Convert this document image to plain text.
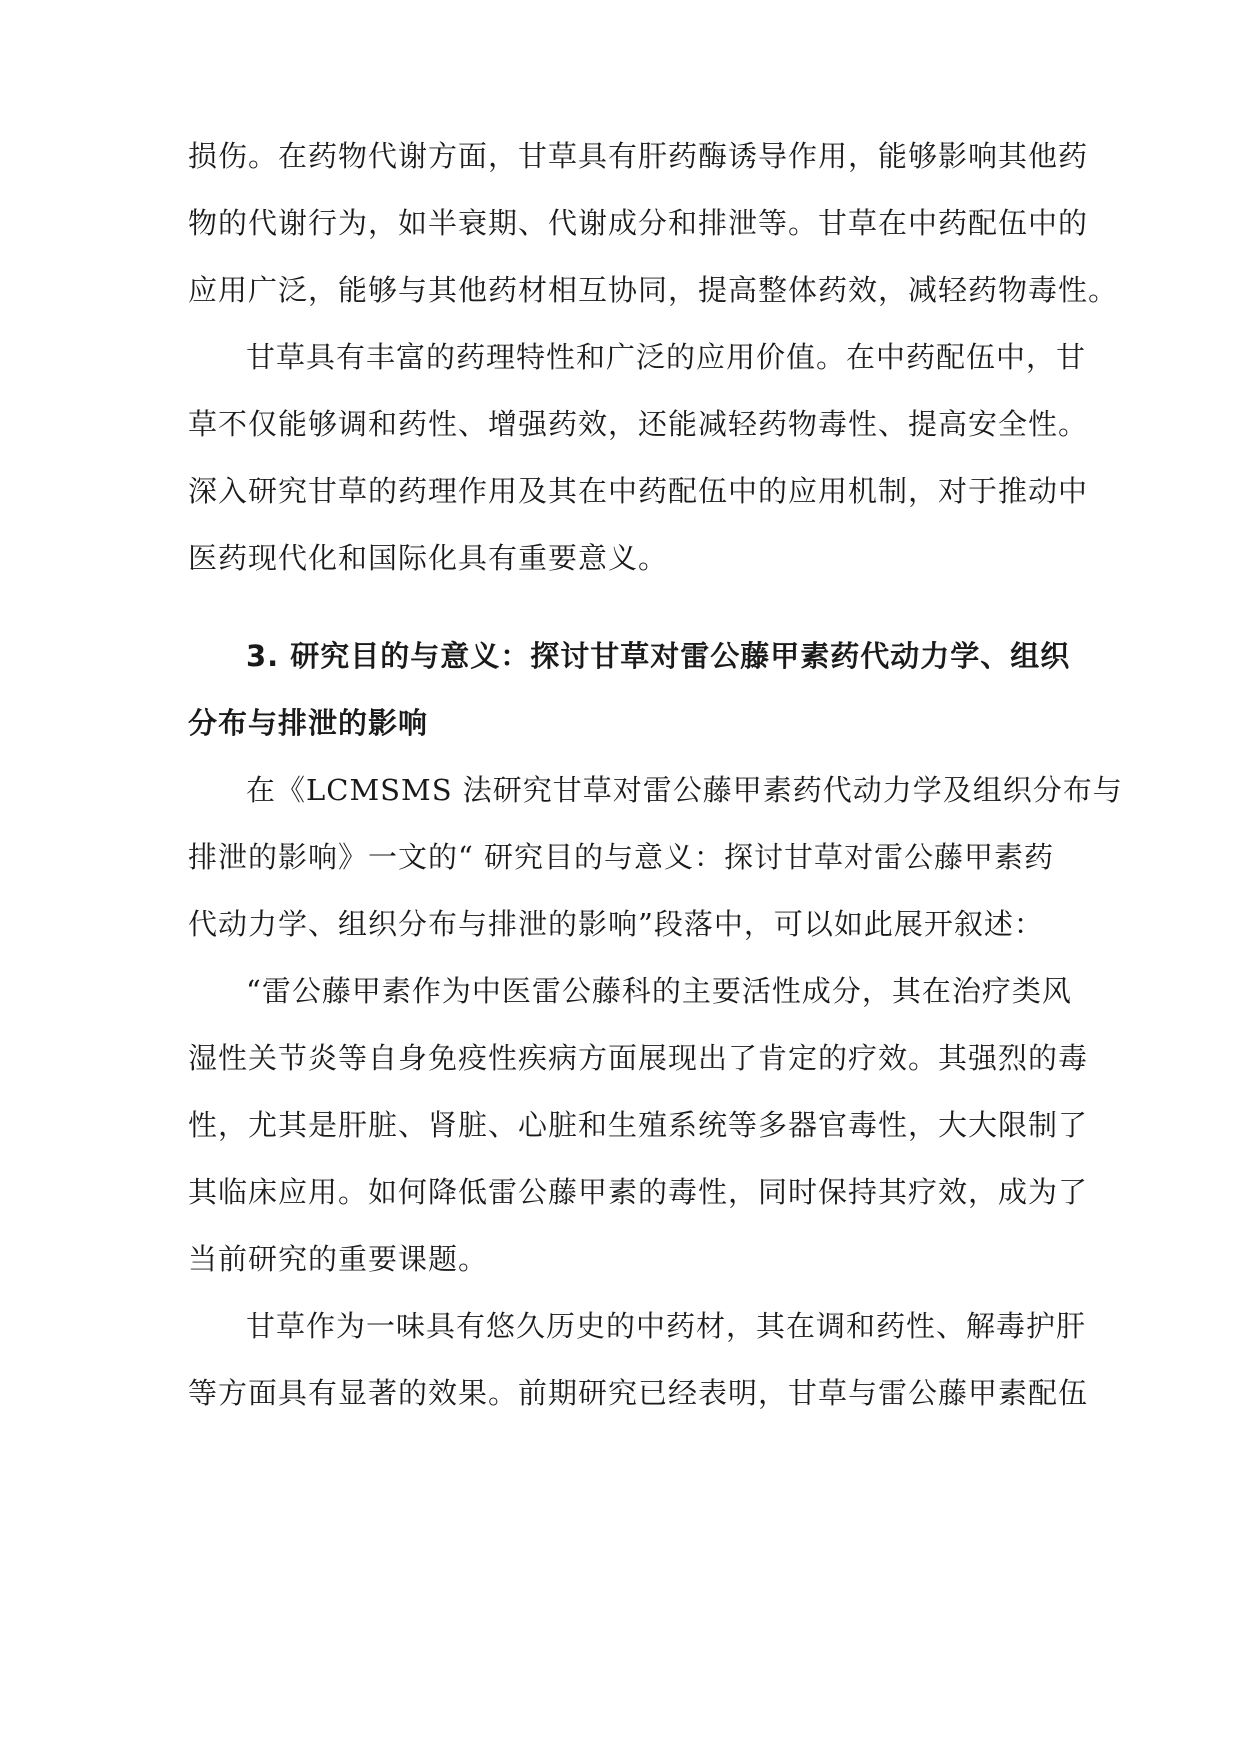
损伤。在药物代谢方面，甘草具有肝药酶诱导作用，能够影响其他药
物的代谢行为，如半衰期、代谢成分和排泄等。甘草在中药配伍中的
应用广泛，能够与其他药材相互协同，提高整体药效，减轻药物毒性。
甘草具有丰富的药理特性和广泛的应用价值。在中药配伍中，甘
草不仅能够调和药性、增强药效，还能减轻药物毒性、提高安全性。
深入研究甘草的药理作用及其在中药配伍中的应用机制，对于推动中
医药现代化和国际化具有重要意义。
3. 研究目的与意义：探讨甘草对雷公藤甲素药代动力学、组织
分布与排泄的影响
在《LCMSMS 法研究甘草对雷公藤甲素药代动力学及组织分布与
排泄的影响》一文的“ 研究目的与意义：探讨甘草对雷公藤甲素药
代动力学、组织分布与排泄的影响”段落中，可以如此展开叙述：
“雷公藤甲素作为中医雷公藤科的主要活性成分，其在治疗类风
湿性关节炎等自身免疫性疾病方面展现出了肯定的疗效。其强烈的毒
性，尤其是肝脏、肾脏、心脏和生殖系统等多器官毒性，大大限制了
其临床应用。如何降低雷公藤甲素的毒性，同时保持其疗效，成为了
当前研究的重要课题。
甘草作为一味具有悠久历史的中药材，其在调和药性、解毒护肝
等方面具有显著的效果。前期研究已经表明，甘草与雷公藤甲素配伍
